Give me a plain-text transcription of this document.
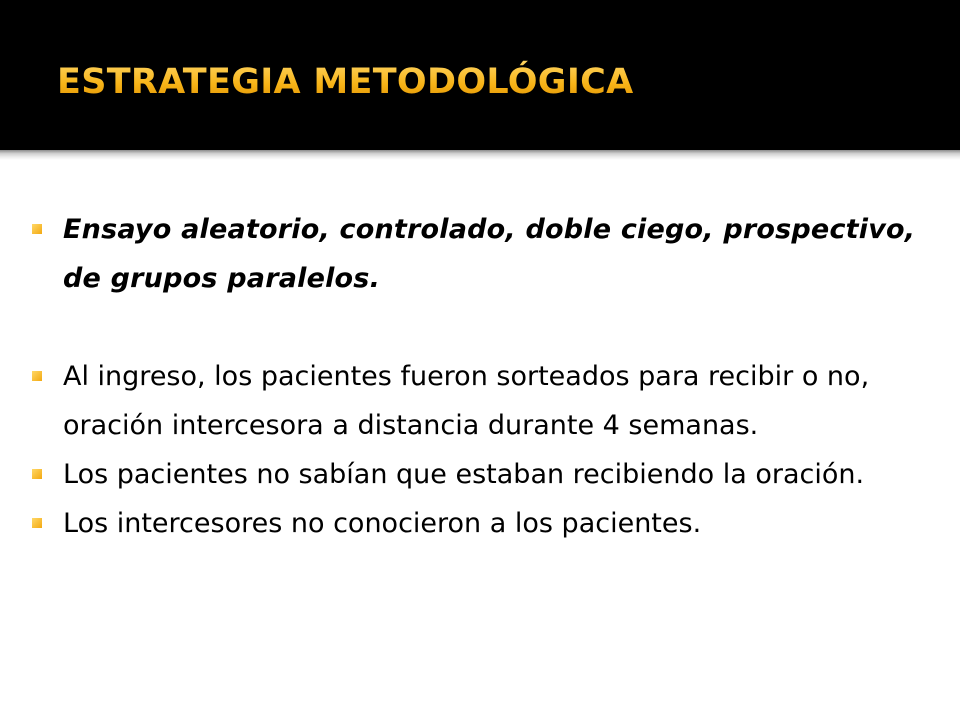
ESTRATEGIA METODOLÓGICA
Ensayo aleatorio, controlado, doble ciego, prospectivo, de grupos paralelos.
Al ingreso, los pacientes fueron sorteados para recibir o no, oración intercesora a distancia durante 4 semanas.
Los pacientes no sabían que estaban recibiendo la oración.
Los intercesores no conocieron a los pacientes.
